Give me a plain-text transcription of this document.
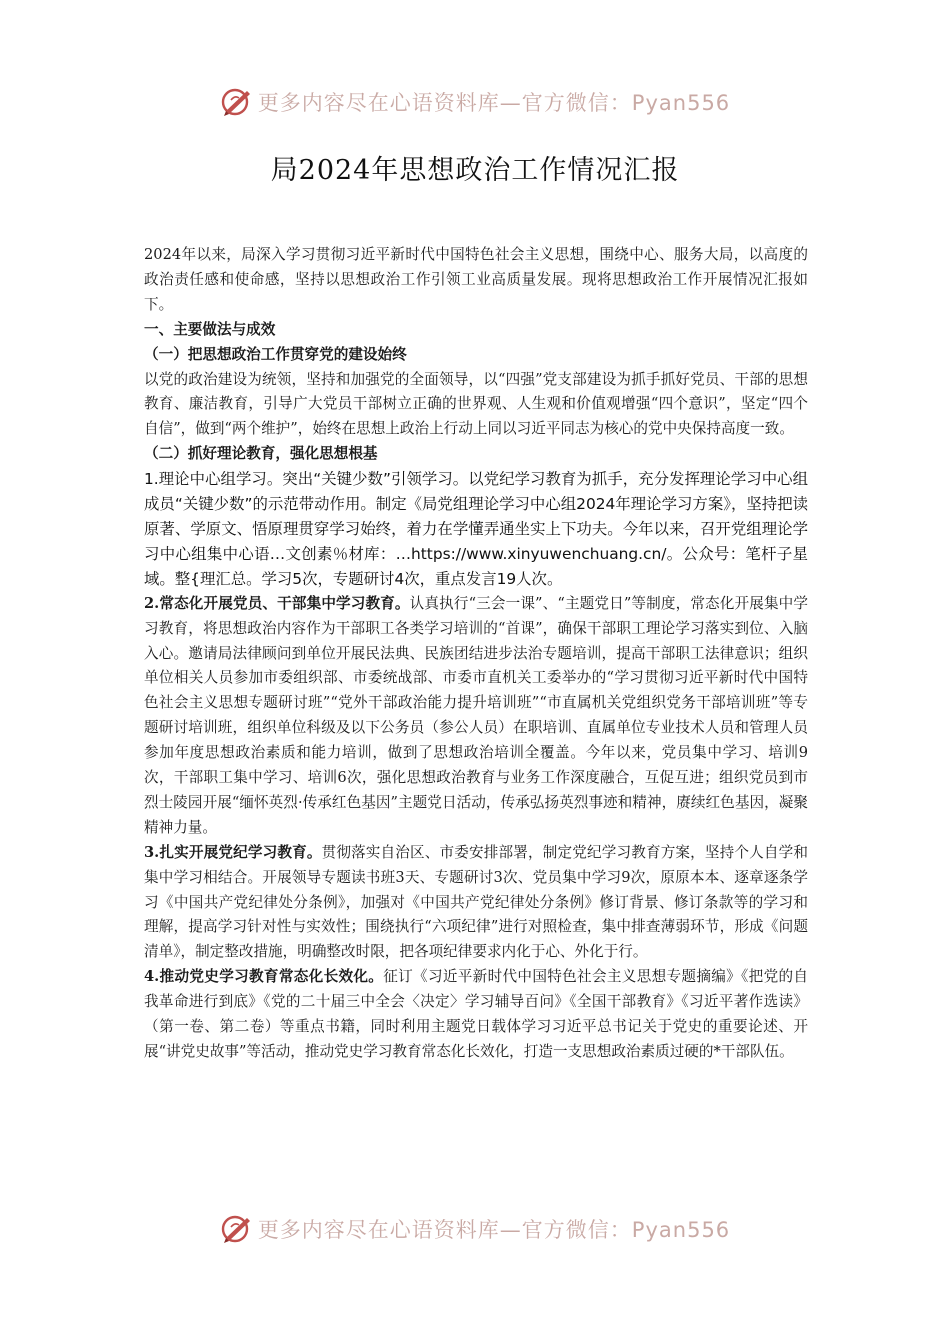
更多内容尽在心语资料库—官方微信：Pyan556
局2024年思想政治工作情况汇报

2024年以来，局深入学习贯彻习近平新时代中国特色社会主义思想，围绕中心、服务大局，以高度的政治责任感和使命感，坚持以思想政治工作引领工业高质量发展。现将思想政治工作开展情况汇报如下。

一、主要做法与成效

（一）把思想政治工作贯穿党的建设始终

以党的政治建设为统领，坚持和加强党的全面领导，以“四强”党支部建设为抓手抓好党员、干部的思想教育、廉洁教育，引导广大党员干部树立正确的世界观、人生观和价值观增强“四个意识”，坚定“四个自信”，做到“两个维护”，始终在思想上政治上行动上同以习近平同志为核心的党中央保持高度一致。

（二）抓好理论教育，强化思想根基

1.理论中心组学习。突出“关键少数”引领学习。以党纪学习教育为抓手，充分发挥理论学习中心组成员“关键少数”的示范带动作用。制定《局党组理论学习中心组2024年理论学习方案》，坚持把读原著、学原文、悟原理贯穿学习始终，着力在学懂弄通坐实上下功夫。今年以来，召开党组理论学习中心组集中心语…文创素％材库：…https://www.xinyuwenchuang.cn/。公众号：笔杆子星域。整{理汇总。学习5次，专题研讨4次，重点发言19人次。

2.常态化开展党员、干部集中学习教育。认真执行“三会一课”、“主题党日”等制度，常态化开展集中学习教育，将思想政治内容作为干部职工各类学习培训的“首课”，确保干部职工理论学习落实到位、入脑入心。邀请局法律顾问到单位开展民法典、民族团结进步法治专题培训，提高干部职工法律意识；组织单位相关人员参加市委组织部、市委统战部、市委市直机关工委举办的“学习贯彻习近平新时代中国特色社会主义思想专题研讨班”“党外干部政治能力提升培训班”“市直属机关党组织党务干部培训班”等专题研讨培训班，组织单位科级及以下公务员（参公人员）在职培训、直属单位专业技术人员和管理人员参加年度思想政治素质和能力培训，做到了思想政治培训全覆盖。今年以来，党员集中学习、培训9次，干部职工集中学习、培训6次，强化思想政治教育与业务工作深度融合，互促互进；组织党员到市烈士陵园开展“缅怀英烈·传承红色基因”主题党日活动，传承弘扬英烈事迹和精神，赓续红色基因，凝聚精神力量。

3.扎实开展党纪学习教育。贯彻落实自治区、市委安排部署，制定党纪学习教育方案，坚持个人自学和集中学习相结合。开展领导专题读书班3天、专题研讨3次、党员集中学习9次，原原本本、逐章逐条学习《中国共产党纪律处分条例》，加强对《中国共产党纪律处分条例》修订背景、修订条款等的学习和理解，提高学习针对性与实效性；围绕执行“六项纪律”进行对照检查，集中排查薄弱环节，形成《问题清单》，制定整改措施，明确整改时限，把各项纪律要求内化于心、外化于行。

4.推动党史学习教育常态化长效化。征订《习近平新时代中国特色社会主义思想专题摘编》《把党的自我革命进行到底》《党的二十届三中全会〈决定〉学习辅导百问》《全国干部教育》《习近平著作选读》（第一卷、第二卷）等重点书籍，同时利用主题党日载体学习习近平总书记关于党史的重要论述、开展“讲党史故事”等活动，推动党史学习教育常态化长效化，打造一支思想政治素质过硬的*干部队伍。

更多内容尽在心语资料库—官方微信：Pyan556
